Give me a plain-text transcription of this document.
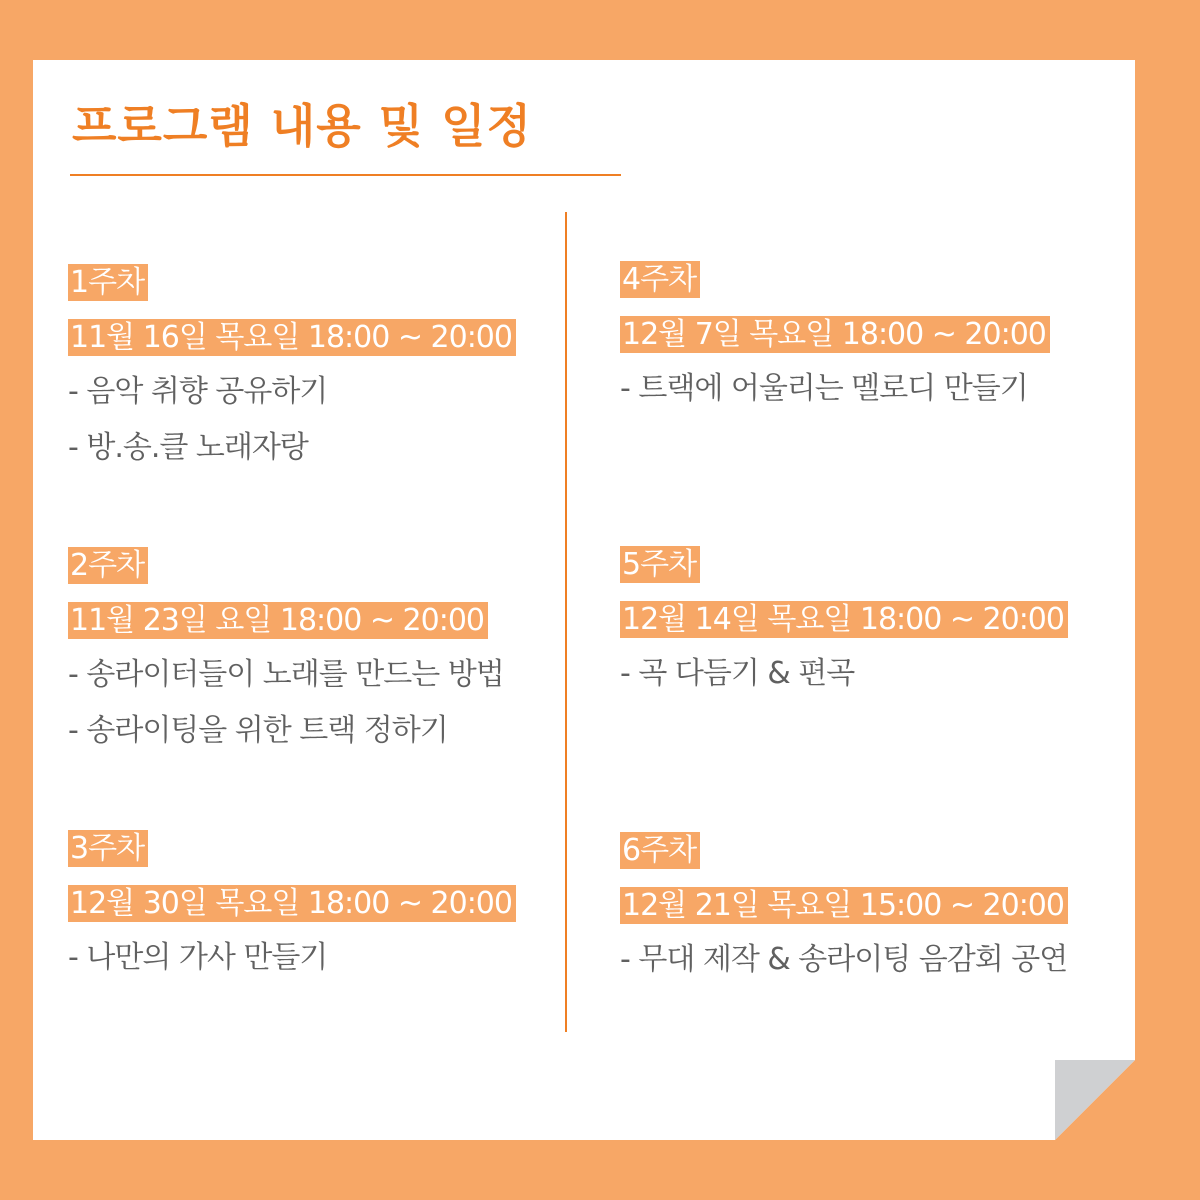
프로그램 내용 및 일정
1주차
11월 16일 목요일 18:00 ~ 20:00
- 음악 취향 공유하기
- 방.송.클 노래자랑
2주차
11월 23일 요일 18:00 ~ 20:00
- 송라이터들이 노래를 만드는 방법
- 송라이팅을 위한 트랙 정하기
3주차
12월 30일 목요일 18:00 ~ 20:00
- 나만의 가사 만들기
4주차
12월 7일 목요일 18:00 ~ 20:00
- 트랙에 어울리는 멜로디 만들기
5주차
12월 14일 목요일 18:00 ~ 20:00
- 곡 다듬기 & 편곡
6주차
12월 21일 목요일 15:00 ~ 20:00
- 무대 제작 & 송라이팅 음감회 공연
